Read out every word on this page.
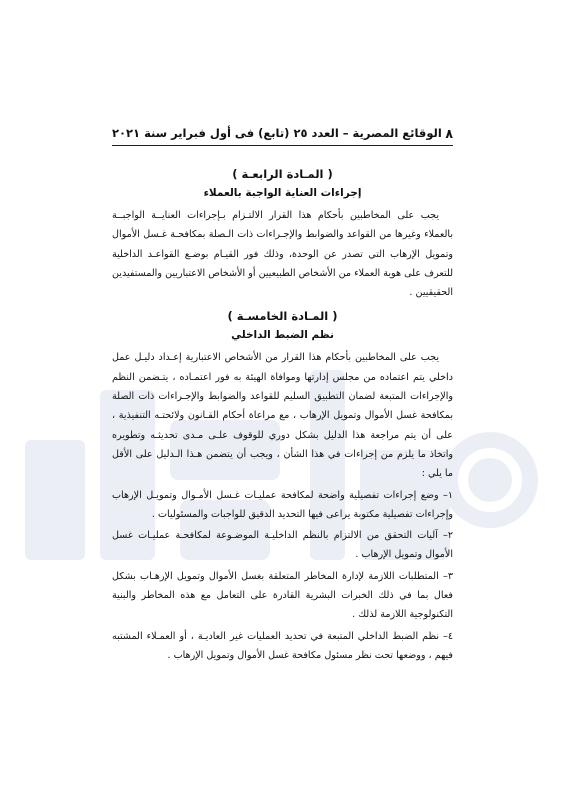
٨
الوقائع المصرية – العدد ٢٥ (تابع) فى أول فبراير سنة ٢٠٢١
( المـادة الرابعـة )
إجراءات العناية الواجبة بالعملاء

يجب على المخاطبين بأحكام هذا القرار الالتـزام بـإجراءات العنايــة الواجبــة بالعملاء وغيرها من القواعد والضوابط والإجـراءات ذات الـصلة بمكافحـة غـسل الأموال وتمويل الإرهاب التي تصدر عن الوحدة، وذلك فور القيـام بوضـع القواعـد الداخلية للتعرف على هوية العملاء من الأشخاص الطبيعيين أو الأشخاص الاعتباريين والمستفيدين الحقيقيين .

( المـادة الخامسـة )
نظم الضبط الداخلي

يجب على المخاطبين بأحكام هذا القرار من الأشخاص الاعتبارية إعـداد دليـل عمل داخلي يتم اعتماده من مجلس إدارتها وموافاة الهيئة به فور اعتمـاده ، يتـضمن النظم والإجراءات المتبعة لضمان التطبيق السليم للقواعد والضوابط والإجـراءات ذات الصلة بمكافحة غسل الأموال وتمويل الإرهاب ، مع مراعاة أحكام القـانون ولائحتـه التنفيذية ، على أن يتم مراجعة هذا الدليل بشكل دوري للوقوف علـى مـدى تحديثـه وتطويره واتخاذ ما يلزم من إجراءات في هذا الشأن ، ويجب أن يتضمن هـذا الـدليل على الأقل ما يلي :

١– وضع إجراءات تفصيلية واضحة لمكافحة عمليـات غـسل الأمـوال وتمويـل الإرهاب وإجراءات تفصيلية مكتوبة يراعى فيها التحديد الدقيق للواجبات والمسئوليات .

٢– آليات التحقق من الالتزام بالنظم الداخليـة الموضـوعة لمكافحـة عمليـات غسل الأموال وتمويل الإرهاب .

٣– المتطلبات اللازمة لإدارة المخاطر المتعلقة بغسل الأموال وتمويل الإرهـاب بشكل فعال بما في ذلك الخبرات البشرية القادرة على التعامل مع هذه المخاطر والبنية التكنولوجية اللازمة لذلك .

٤– نظم الضبط الداخلي المتبعة في تحديد العمليات غير العاديـة ، أو العمـلاء المشتبه فيهم ، ووضعها تحت نظر مسئول مكافحة غسل الأموال وتمويل الإرهاب .
